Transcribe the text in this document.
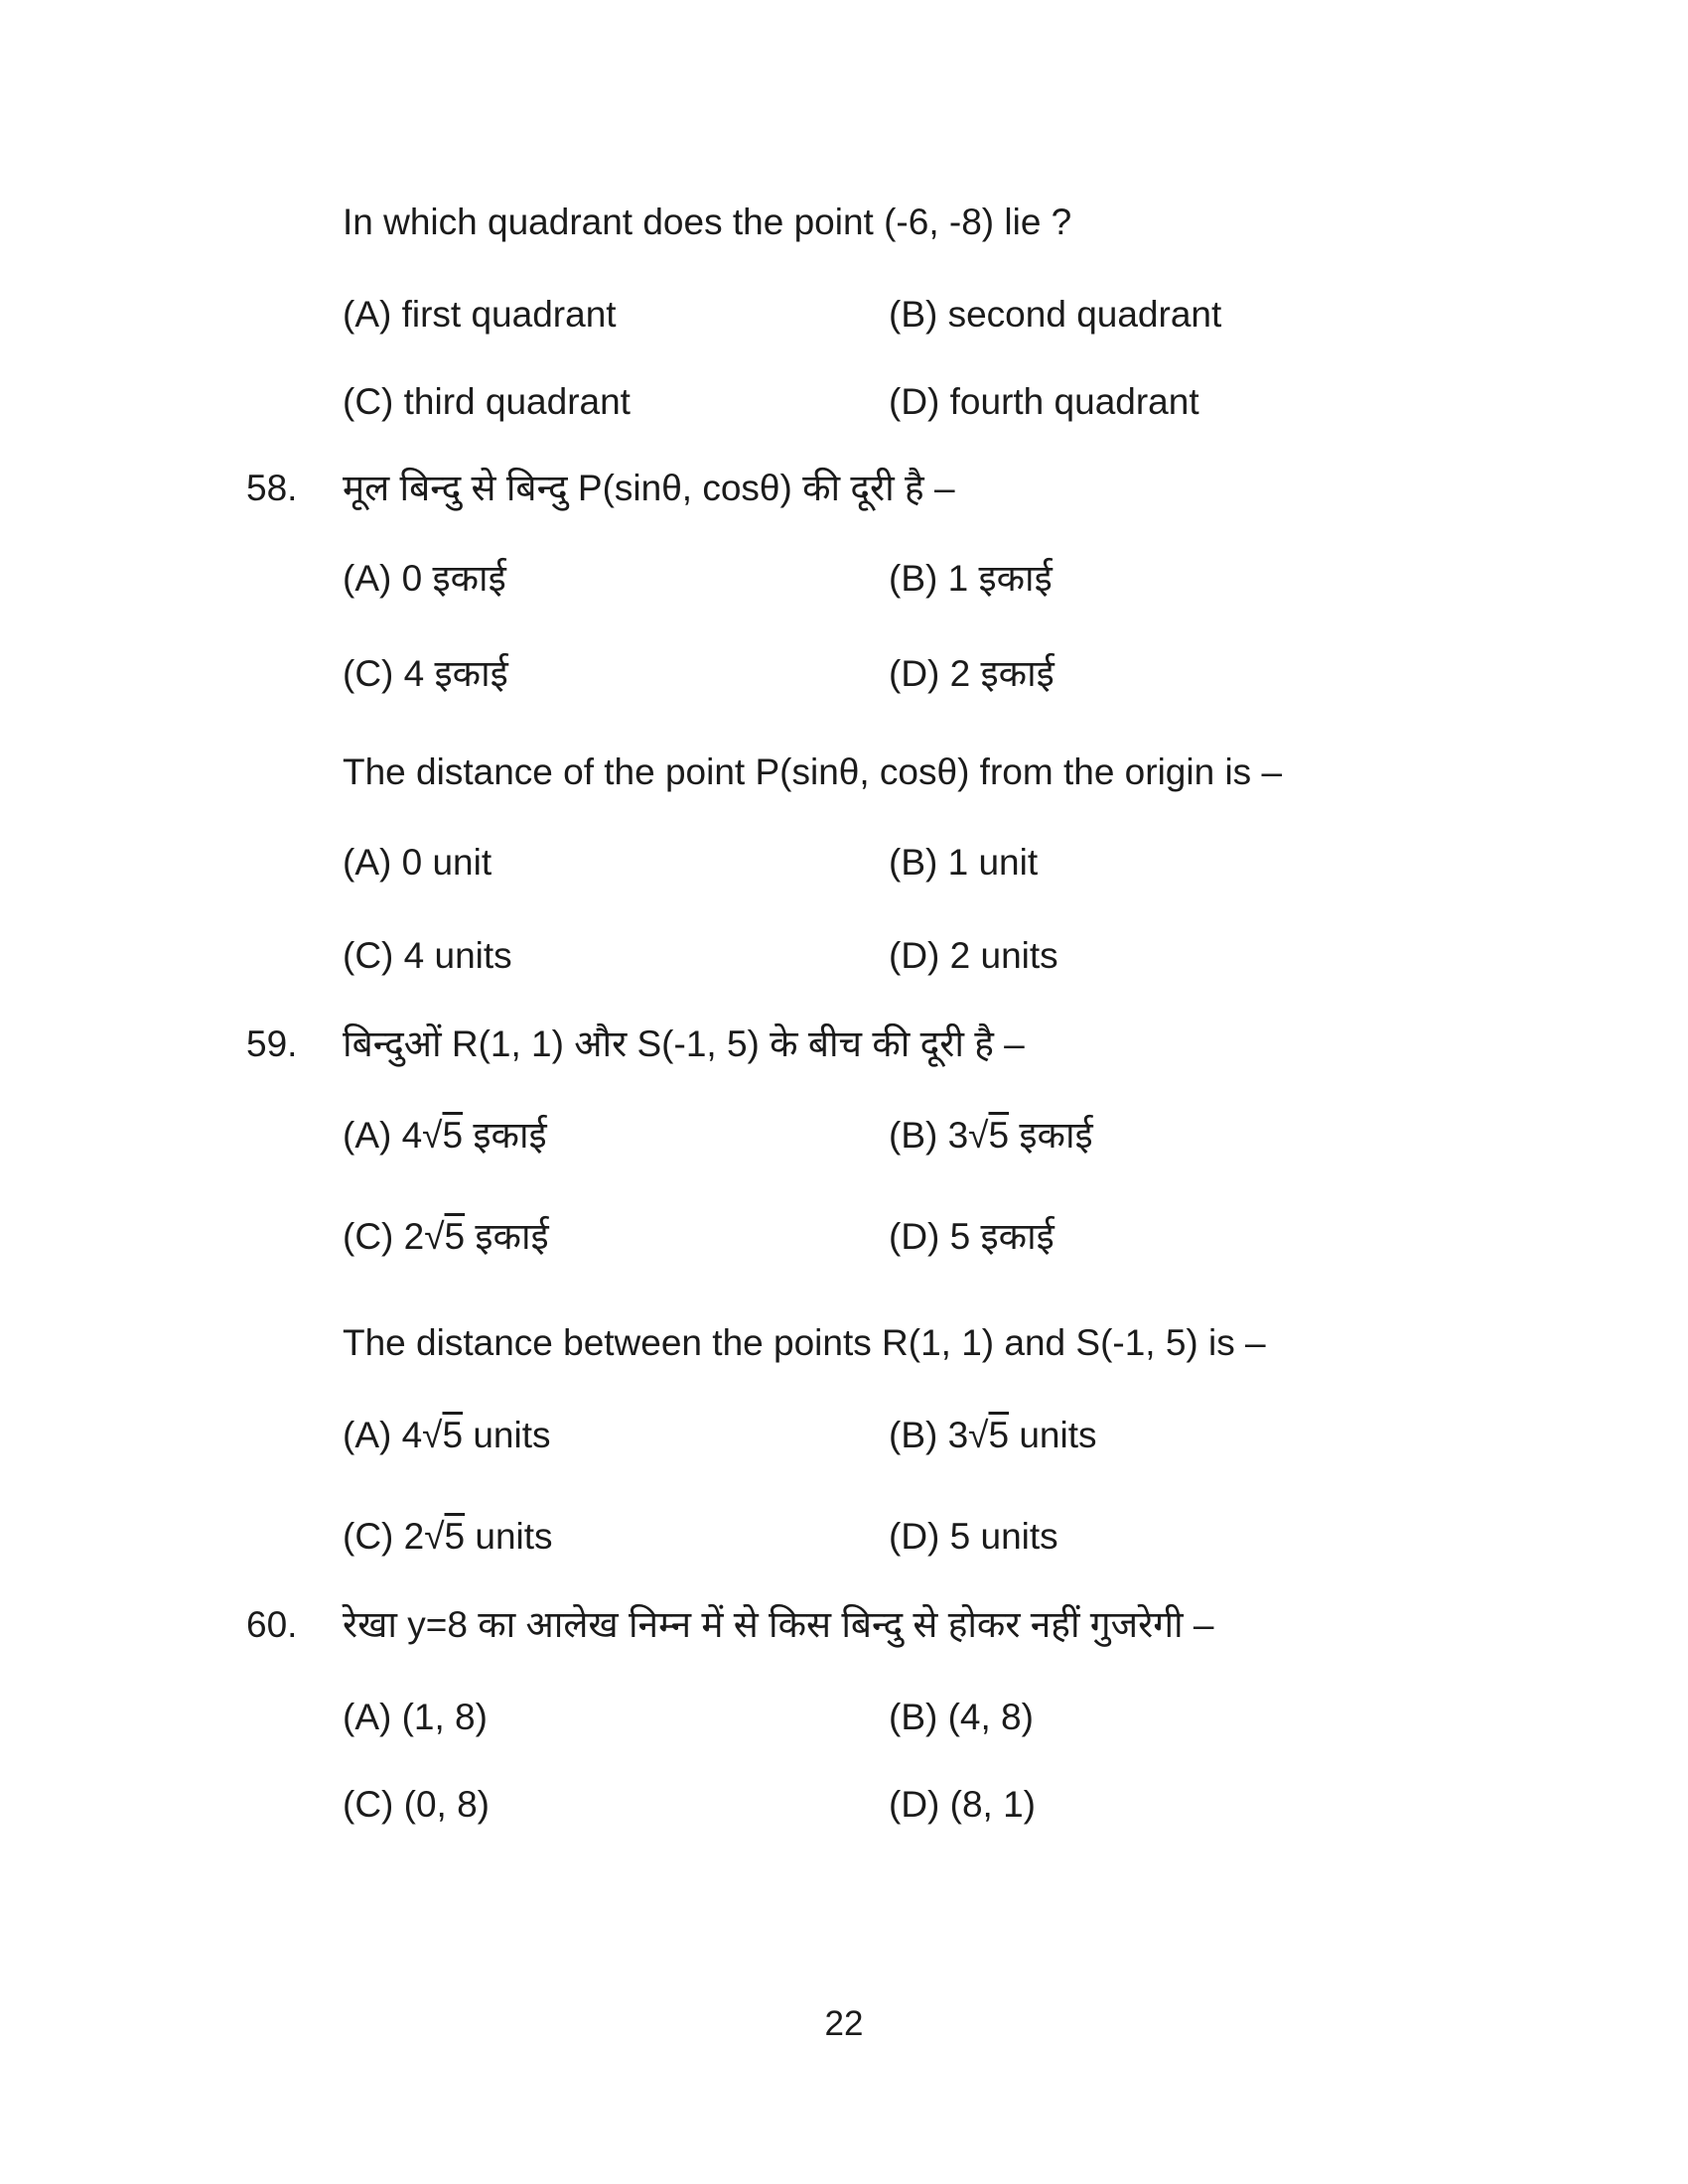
In which quadrant does the point (-6, -8) lie ?
(A) first quadrant	(B) second quadrant
(C) third quadrant	(D) fourth quadrant
58. मूल बिन्दु से बिन्दु P(sinθ, cosθ) की दूरी है –
(A) 0 इकाई	(B) 1 इकाई
(C) 4 इकाई	(D) 2 इकाई
The distance of the point P(sinθ, cosθ) from the origin is –
(A) 0 unit	(B) 1 unit
(C) 4 units	(D) 2 units
59. बिन्दुओं R(1, 1) और S(-1, 5) के बीच की दूरी है –
(A) 4√5 इकाई	(B) 3√5 इकाई
(C) 2√5 इकाई	(D) 5 इकाई
The distance between the points R(1, 1) and S(-1, 5) is –
(A) 4√5 units	(B) 3√5 units
(C) 2√5 units	(D) 5 units
60. रेखा y=8 का आलेख निम्न में से किस बिन्दु से होकर नहीं गुजरेगी –
(A) (1, 8)	(B) (4, 8)
(C) (0, 8)	(D) (8, 1)
22
